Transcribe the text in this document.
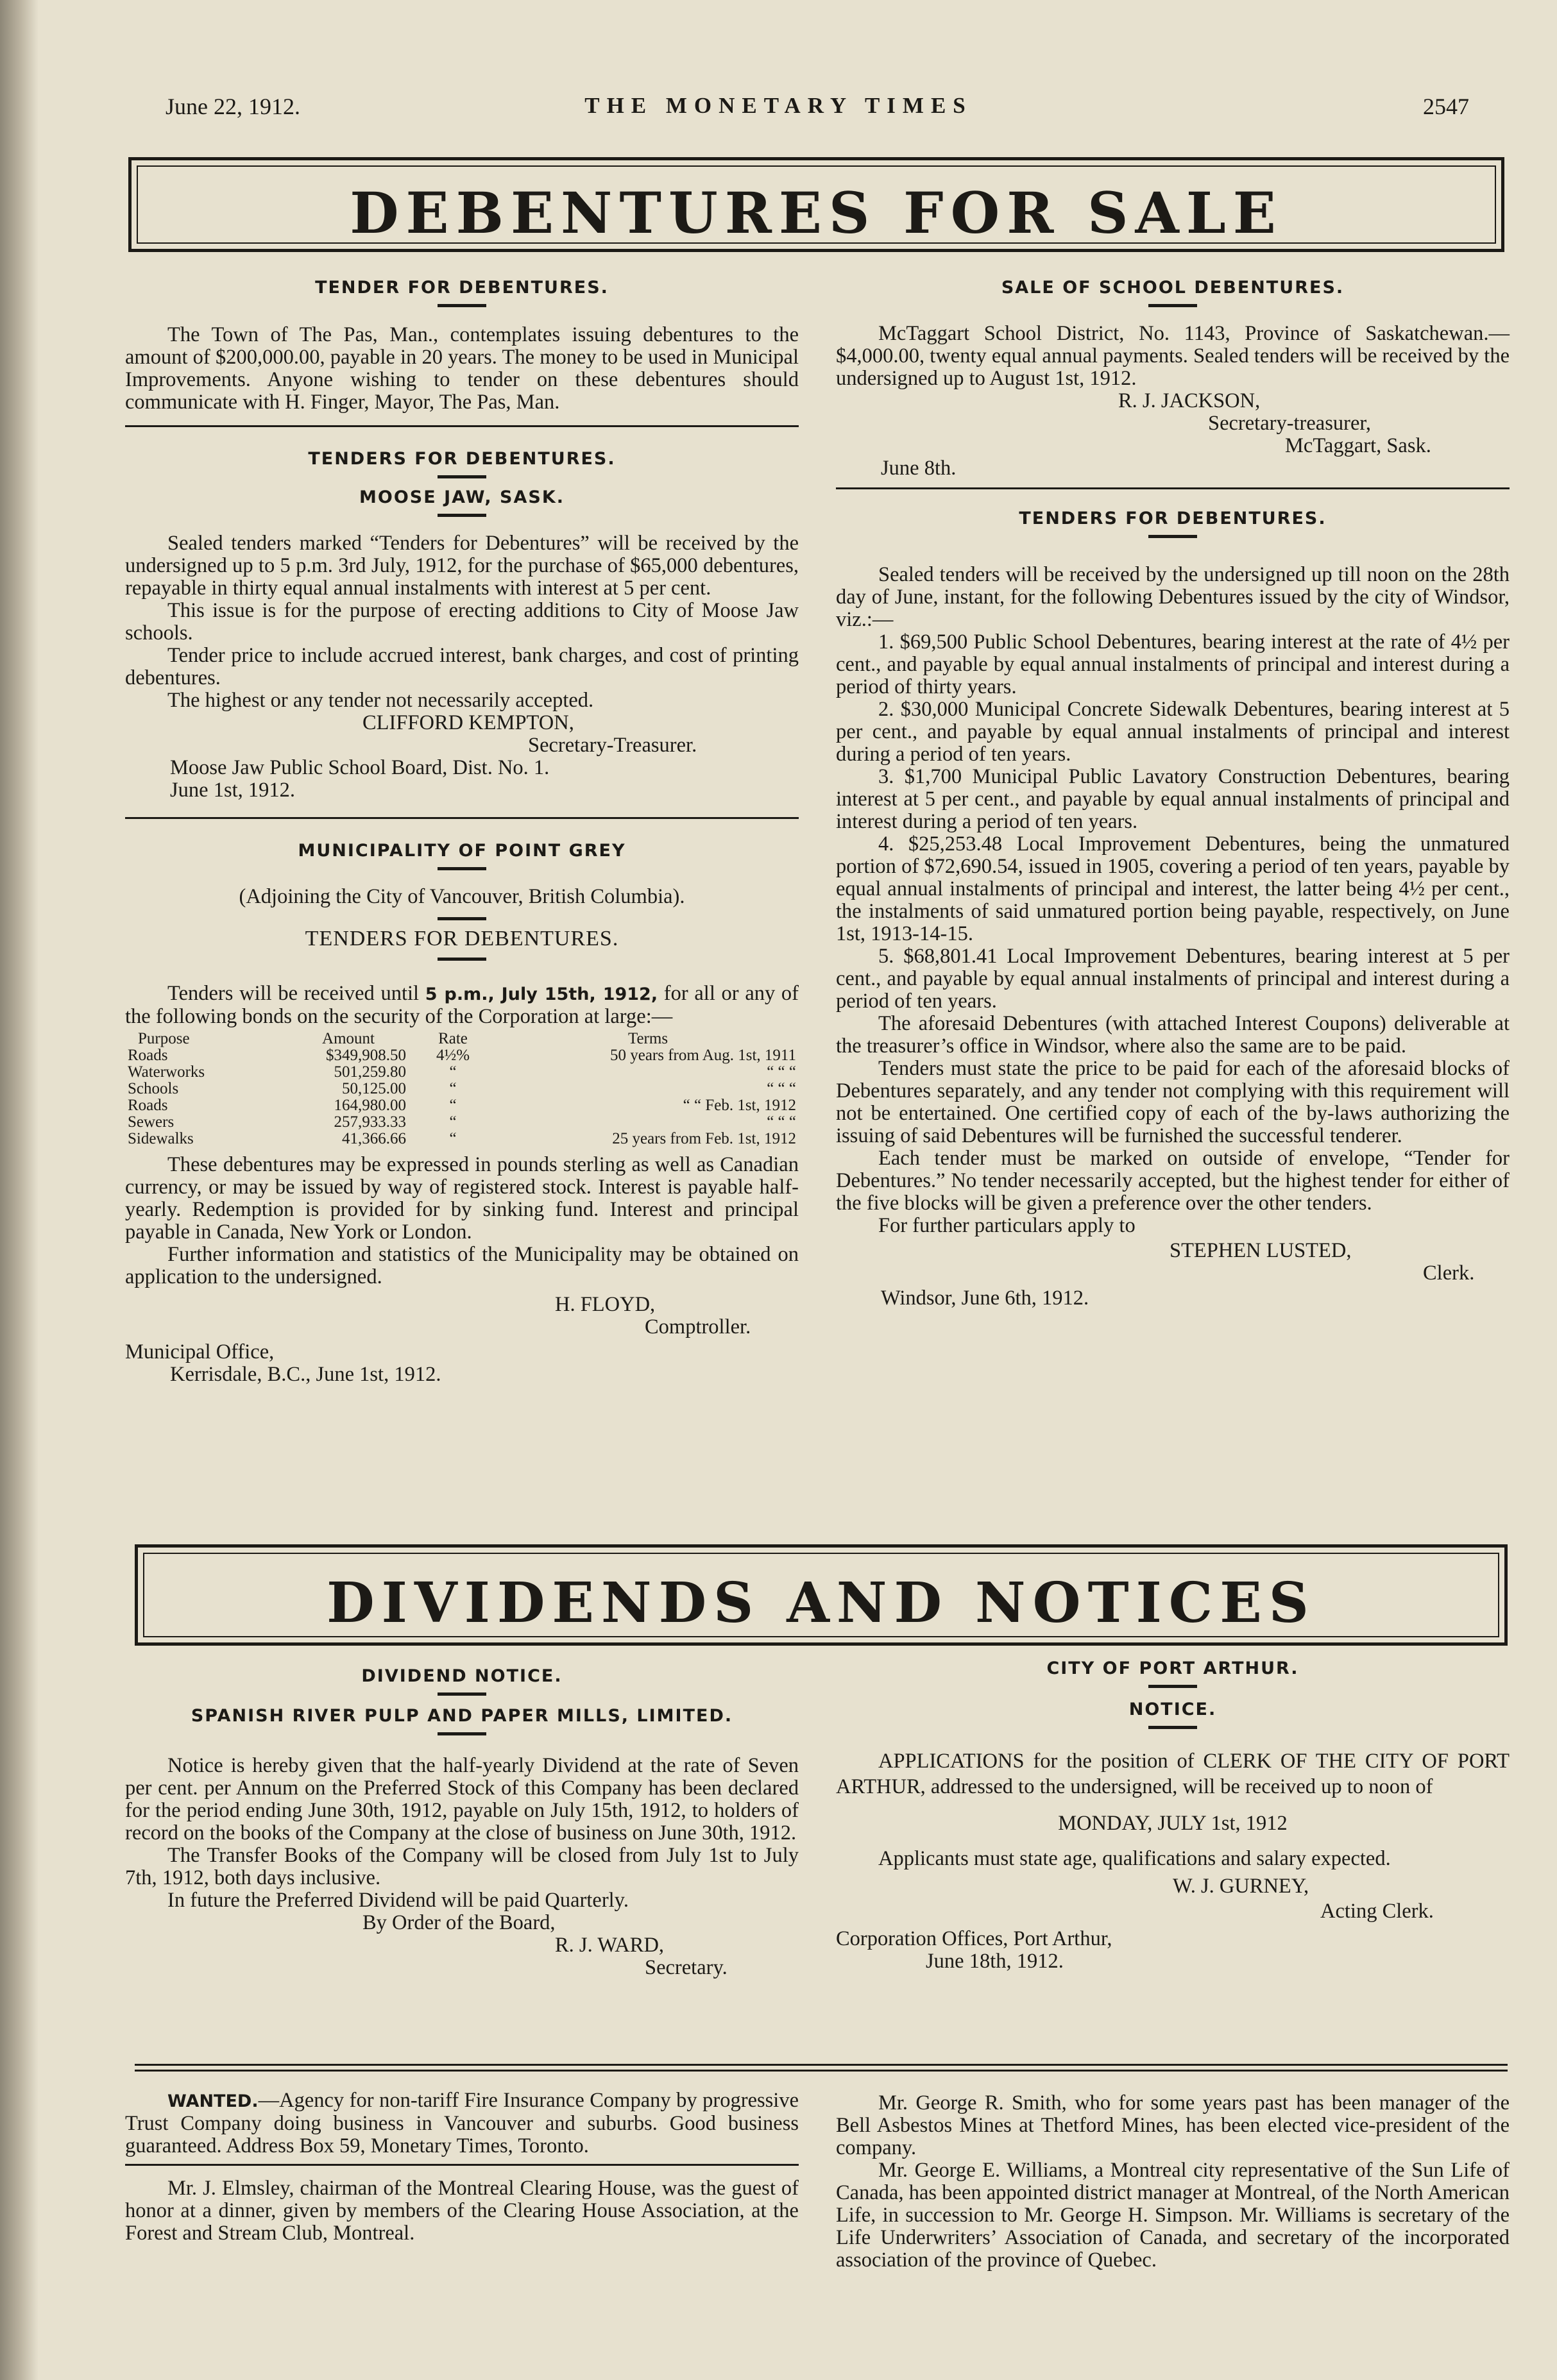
June 22, 1912.	THE MONETARY TIMES	2547
DEBENTURES FOR SALE
TENDER FOR DEBENTURES.

The Town of The Pas, Man., contemplates issuing debentures to the amount of $200,000.00, payable in 20 years. The money to be used in Municipal Improvements. Anyone wishing to tender on these debentures should communicate with H. Finger, Mayor, The Pas, Man.

TENDERS FOR DEBENTURES.
MOOSE JAW, SASK.

Sealed tenders marked “Tenders for Debentures” will be received by the undersigned up to 5 p.m. 3rd July, 1912, for the purchase of $65,000 debentures, repayable in thirty equal annual instalments with interest at 5 per cent.

This issue is for the purpose of erecting additions to City of Moose Jaw schools.

Tender price to include accrued interest, bank charges, and cost of printing debentures.

The highest or any tender not necessarily accepted.

CLIFFORD KEMPTON,
Secretary-Treasurer.
Moose Jaw Public School Board, Dist. No. 1.
June 1st, 1912.
MUNICIPALITY OF POINT GREY
(Adjoining the City of Vancouver, British Columbia).
TENDERS FOR DEBENTURES.

Tenders will be received until 5 p.m., July 15th, 1912, for all or any of the following bonds on the security of the Corporation at large:—

Purpose	Amount	Rate	Terms
Roads	$349,908.50	4½%	50 years from Aug. 1st, 1911
Waterworks	501,259.80	“	“ “ “
Schools	50,125.00	“	“ “ “
Roads	164,980.00	“	“ “ Feb. 1st, 1912
Sewers	257,933.33	“	“ “ “
Sidewalks	41,366.66	“	25 years from Feb. 1st, 1912

These debentures may be expressed in pounds sterling as well as Canadian currency, or may be issued by way of registered stock. Interest is payable half-yearly. Redemption is provided for by sinking fund. Interest and principal payable in Canada, New York or London.

Further information and statistics of the Municipality may be obtained on application to the undersigned.

H. FLOYD,
Comptroller.
Municipal Office,
Kerrisdale, B.C., June 1st, 1912.
SALE OF SCHOOL DEBENTURES.

McTaggart School District, No. 1143, Province of Saskatchewan.—$4,000.00, twenty equal annual payments. Sealed tenders will be received by the undersigned up to August 1st, 1912.

R. J. JACKSON,
Secretary-treasurer,
McTaggart, Sask.
June 8th.
TENDERS FOR DEBENTURES.

Sealed tenders will be received by the undersigned up till noon on the 28th day of June, instant, for the following Debentures issued by the city of Windsor, viz.:—

1. $69,500 Public School Debentures, bearing interest at the rate of 4½ per cent., and payable by equal annual instalments of principal and interest during a period of thirty years.

2. $30,000 Municipal Concrete Sidewalk Debentures, bearing interest at 5 per cent., and payable by equal annual instalments of principal and interest during a period of ten years.

3. $1,700 Municipal Public Lavatory Construction Debentures, bearing interest at 5 per cent., and payable by equal annual instalments of principal and interest during a period of ten years.

4. $25,253.48 Local Improvement Debentures, being the unmatured portion of $72,690.54, issued in 1905, covering a period of ten years, payable by equal annual instalments of principal and interest, the latter being 4½ per cent., the instalments of said unmatured portion being payable, respectively, on June 1st, 1913-14-15.

5. $68,801.41 Local Improvement Debentures, bearing interest at 5 per cent., and payable by equal annual instalments of principal and interest during a period of ten years.

The aforesaid Debentures (with attached Interest Coupons) deliverable at the treasurer’s office in Windsor, where also the same are to be paid.

Tenders must state the price to be paid for each of the aforesaid blocks of Debentures separately, and any tender not complying with this requirement will not be entertained. One certified copy of each of the by-laws authorizing the issuing of said Debentures will be furnished the successful tenderer.

Each tender must be marked on outside of envelope, “Tender for Debentures.” No tender necessarily accepted, but the highest tender for either of the five blocks will be given a preference over the other tenders.

For further particulars apply to

STEPHEN LUSTED,
Clerk.
Windsor, June 6th, 1912.
DIVIDENDS AND NOTICES
DIVIDEND NOTICE.
SPANISH RIVER PULP AND PAPER MILLS, LIMITED.

Notice is hereby given that the half-yearly Dividend at the rate of Seven per cent. per Annum on the Preferred Stock of this Company has been declared for the period ending June 30th, 1912, payable on July 15th, 1912, to holders of record on the books of the Company at the close of business on June 30th, 1912.

The Transfer Books of the Company will be closed from July 1st to July 7th, 1912, both days inclusive.

In future the Preferred Dividend will be paid Quarterly.

By Order of the Board,
R. J. WARD,
Secretary.
CITY OF PORT ARTHUR.
NOTICE.

APPLICATIONS for the position of CLERK OF THE CITY OF PORT ARTHUR, addressed to the undersigned, will be received up to noon of

MONDAY, JULY 1st, 1912

Applicants must state age, qualifications and salary expected.

W. J. GURNEY,
Acting Clerk.
Corporation Offices, Port Arthur,
June 18th, 1912.

WANTED.—Agency for non-tariff Fire Insurance Company by progressive Trust Company doing business in Vancouver and suburbs. Good business guaranteed. Address Box 59, Monetary Times, Toronto.

Mr. J. Elmsley, chairman of the Montreal Clearing House, was the guest of honor at a dinner, given by members of the Clearing House Association, at the Forest and Stream Club, Montreal.

Mr. George R. Smith, who for some years past has been manager of the Bell Asbestos Mines at Thetford Mines, has been elected vice-president of the company.

Mr. George E. Williams, a Montreal city representative of the Sun Life of Canada, has been appointed district manager at Montreal, of the North American Life, in succession to Mr. George H. Simpson. Mr. Williams is secretary of the Life Underwriters’ Association of Canada, and secretary of the incorporated association of the province of Quebec.
